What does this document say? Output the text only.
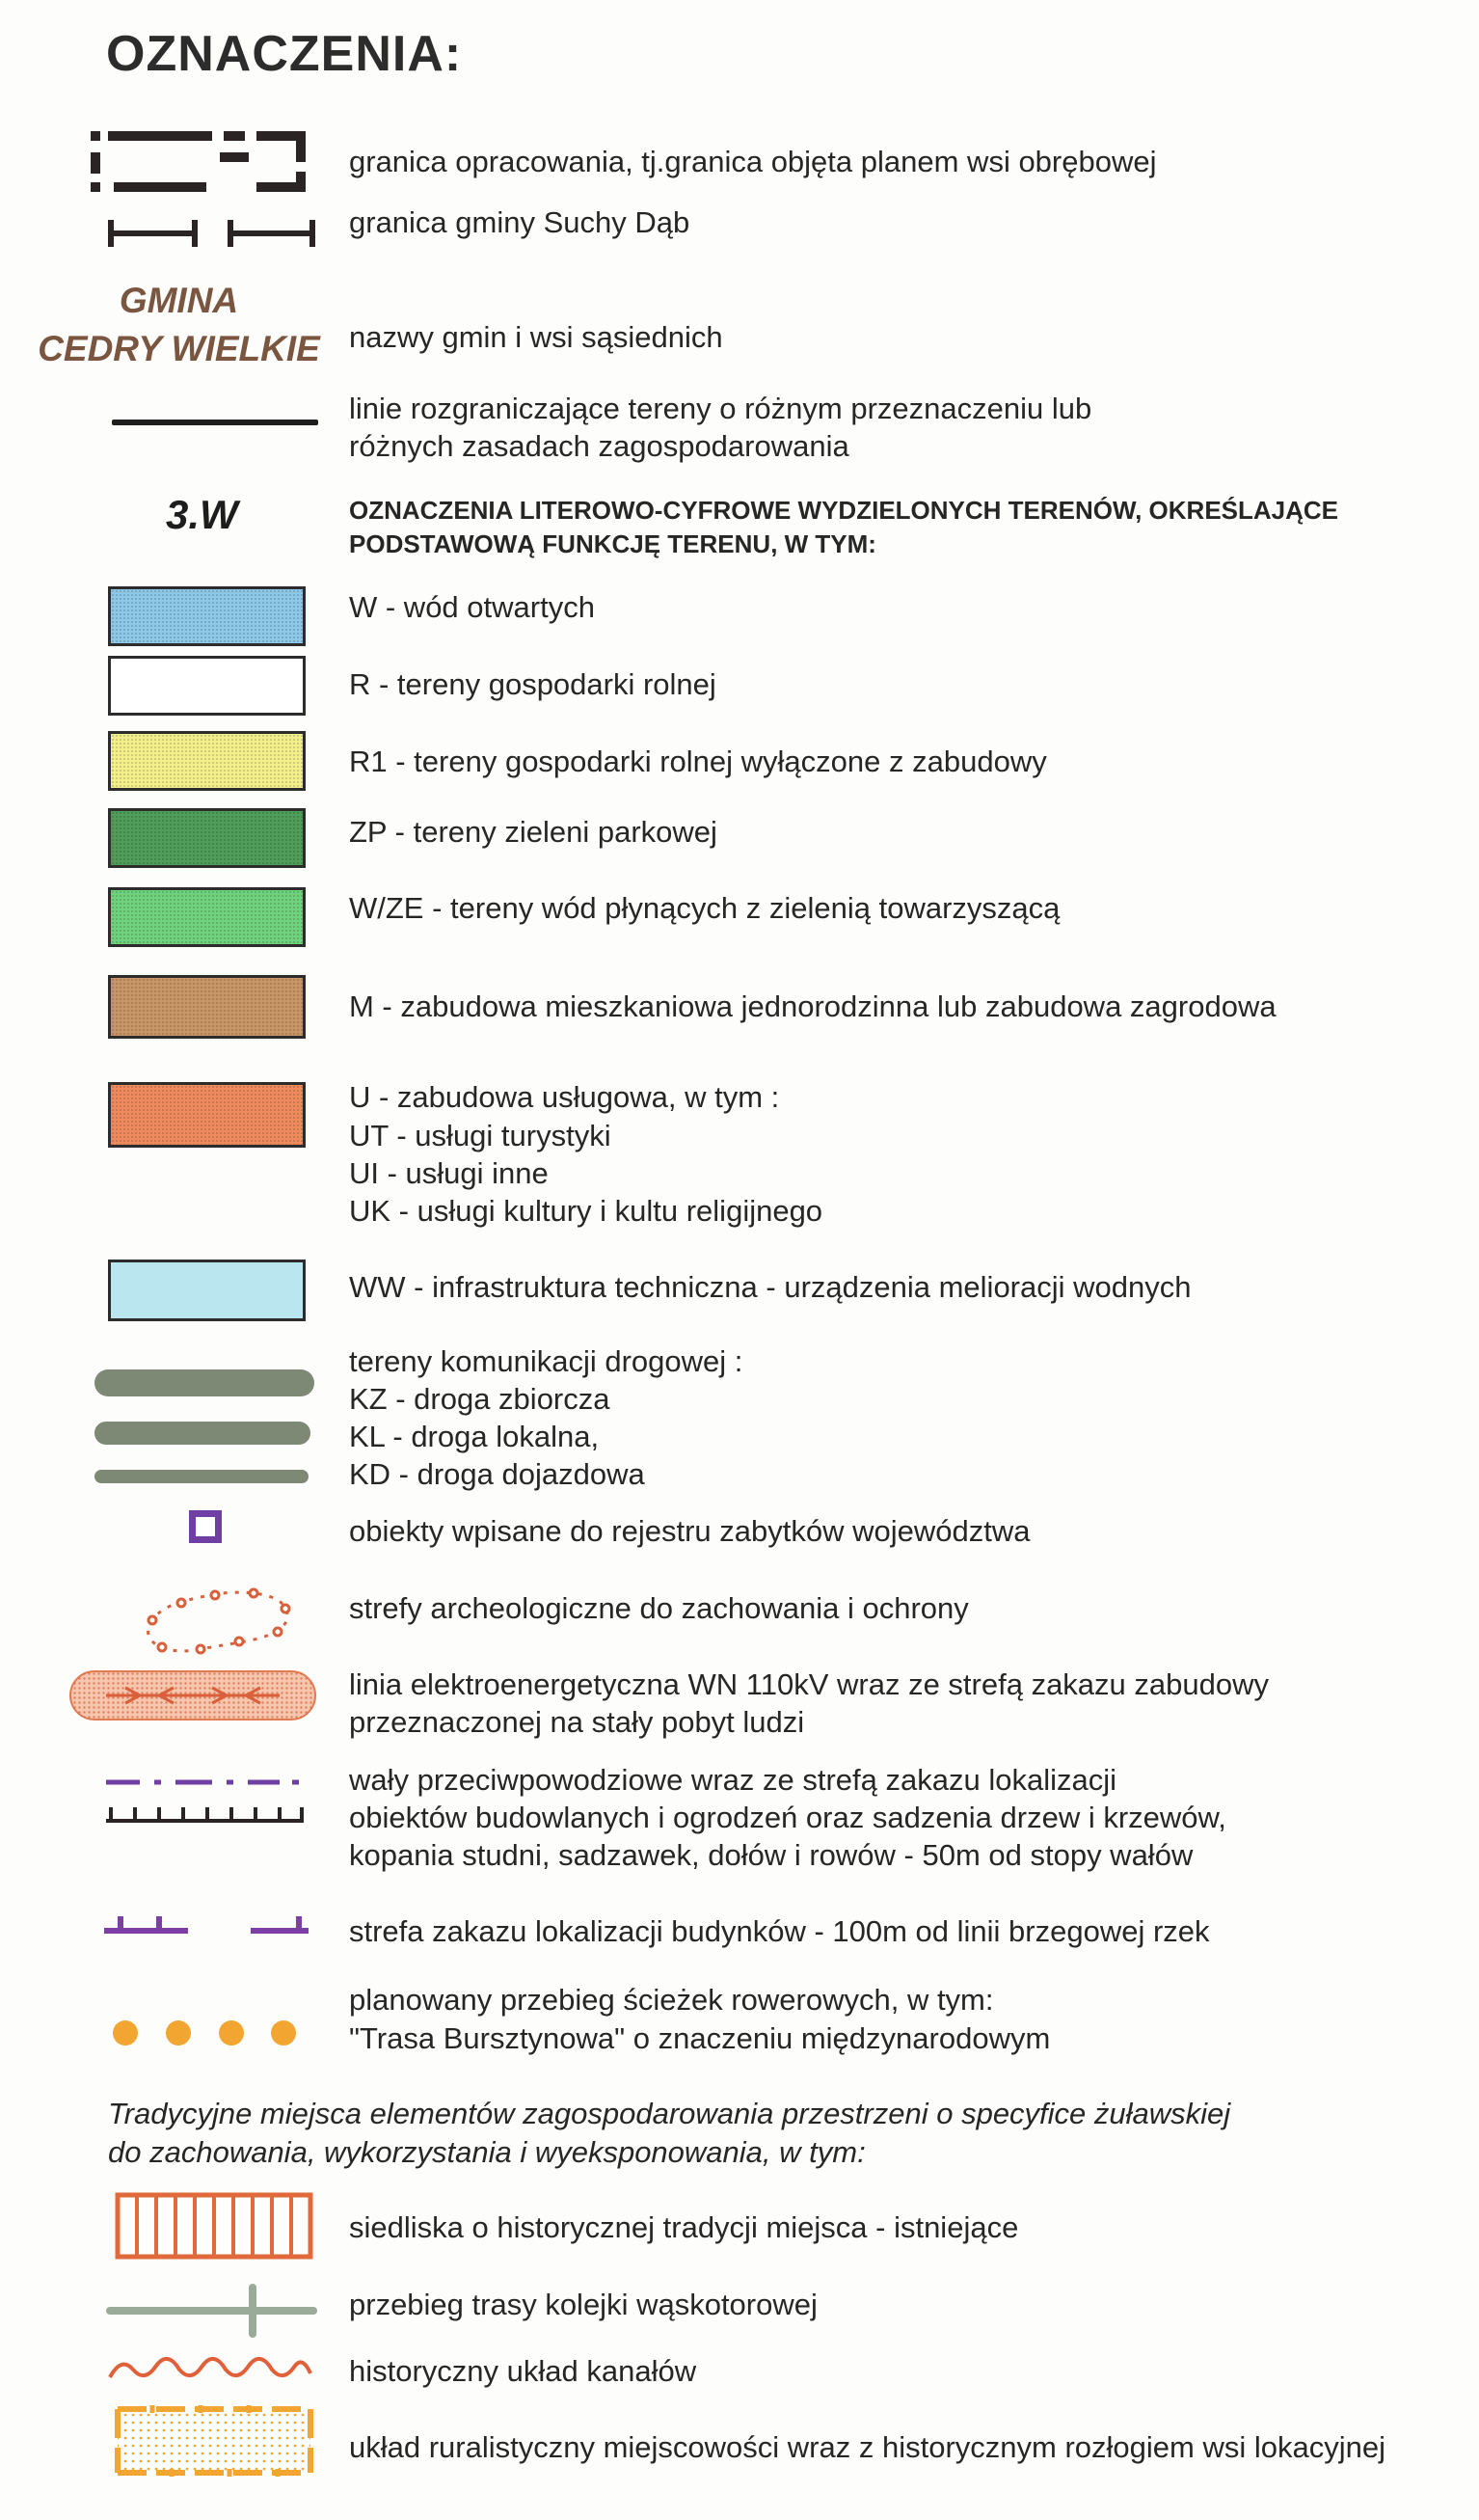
OZNACZENIA:
granica opracowania, tj.granica objęta planem wsi obrębowej
granica gminy Suchy Dąb
GMINA
CEDRY WIELKIE nazwy gmin i wsi sąsiednich
linie rozgraniczające tereny o różnym przeznaczeniu lub
różnych zasadach zagospodarowania
3.W	OZNACZENIA LITEROWO-CYFROWE WYDZIELONYCH TERENÓW, OKREŚLAJĄCE
PODSTAWOWĄ FUNKCJĘ TERENU, W TYM:
W - wód otwartych
R - tereny gospodarki rolnej
R1 - tereny gospodarki rolnej wyłączone z zabudowy
ZP - tereny zieleni parkowej
W/ZE - tereny wód płynących z zielenią towarzyszącą
M - zabudowa mieszkaniowa jednorodzinna lub zabudowa zagrodowa
U - zabudowa usługowa, w tym :
UT - usługi turystyki
UI - usługi inne
UK - usługi kultury i kultu religijnego
WW - infrastruktura techniczna - urządzenia melioracji wodnych
tereny komunikacji drogowej :
KZ - droga zbiorcza
KL - droga lokalna,
KD - droga dojazdowa
obiekty wpisane do rejestru zabytków województwa
strefy archeologiczne do zachowania i ochrony
linia elektroenergetyczna WN 110kV wraz ze strefą zakazu zabudowy
przeznaczonej na stały pobyt ludzi
wały przeciwpowodziowe wraz ze strefą zakazu lokalizacji
obiektów budowlanych i ogrodzeń oraz sadzenia drzew i krzewów,
kopania studni, sadzawek, dołów i rowów - 50m od stopy wałów
strefa zakazu lokalizacji budynków - 100m od linii brzegowej rzek
planowany przebieg ścieżek rowerowych, w tym:
"Trasa Bursztynowa" o znaczeniu międzynarodowym
Tradycyjne miejsca elementów zagospodarowania przestrzeni o specyfice żuławskiej
do zachowania, wykorzystania i wyeksponowania, w tym:
siedliska o historycznej tradycji miejsca - istniejące
przebieg trasy kolejki wąskotorowej
historyczny układ kanałów
układ ruralistyczny miejscowości wraz z historycznym rozłogiem wsi lokacyjnej
